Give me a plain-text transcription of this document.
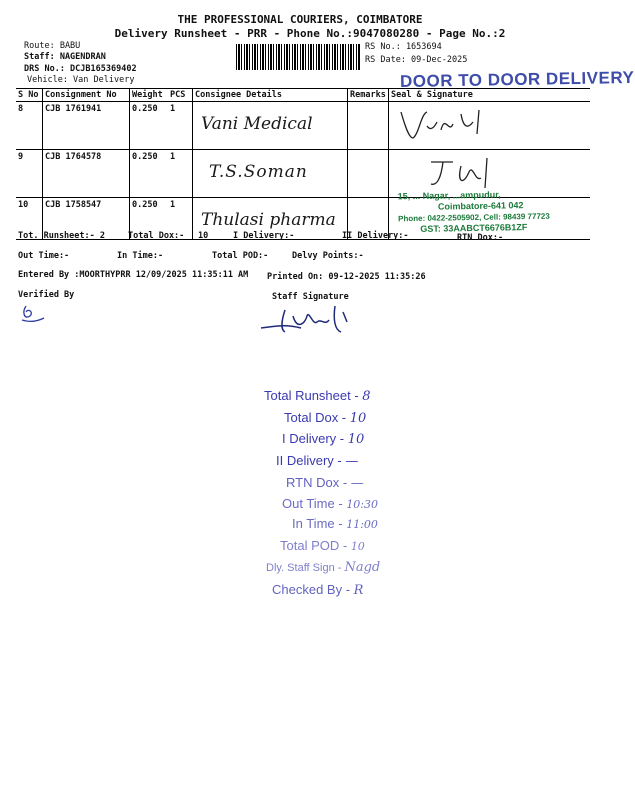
THE PROFESSIONAL COURIERS, COIMBATORE
Delivery Runsheet - PRR - Phone No.:9047080280 - Page No.:2
Route: BABU
Staff: NAGENDRAN
DRS No.: DCJB165369402
Vehicle: Van Delivery
RS No.: 1653694
RS Date: 09-Dec-2025
DOOR TO DOOR DELIVERY
S No	Consignment No	Weight	PCS	Consignee Details	Remarks	Seal & Signature
8	CJB 1761941	0.250	1	Vani Medical		
9	CJB 1764578	0.250	1	T.S.Soman		
10	CJB 1758547	0.250	1	Thulasi pharma		
15, ... Nagar, ...ampudur,
Coimbatore-641 042
Phone: 0422-2505902, Cell: 98439 77723
GST: 33AABCT6676B1ZF
Tot. Runsheet:- 2	Total Dox:- 10	I Delivery:-	II Delivery:-	RTN Dox:-
Out Time:-	In Time:-	Total POD:-	Delvy Points:-
Entered By :MOORTHYPRR 12/09/2025 11:35:11 AM Printed On: 09-12-2025 11:35:26
Verified By	Staff Signature
Total Runsheet - 8
Total Dox - 10
I Delivery - 10
II Delivery - —
RTN Dox - —
Out Time - 10:30
In Time - 11:00
Total POD - 10
Dly. Staff Sign - Nagd
Checked By - R
